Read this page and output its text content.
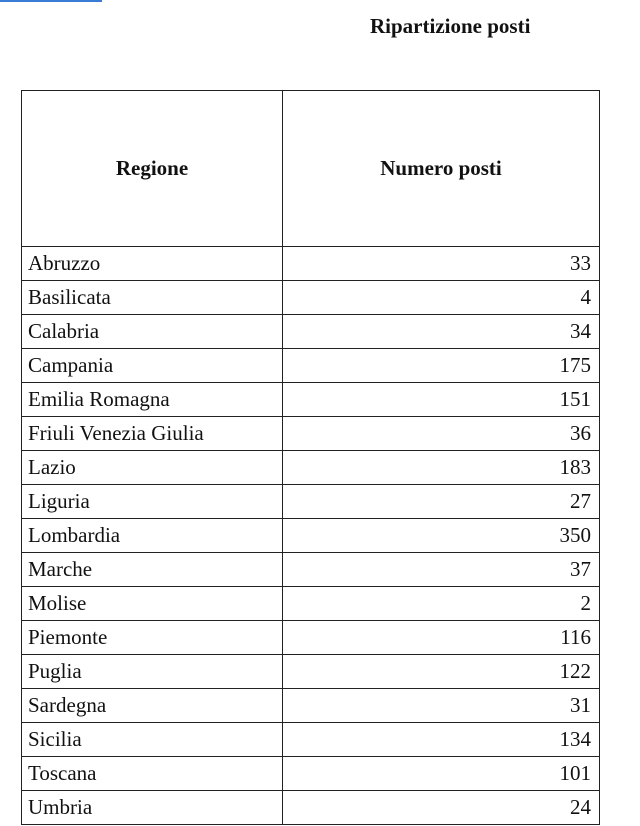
Ripartizione posti
Regione	Numero posti
Abruzzo	33
Basilicata	4
Calabria	34
Campania	175
Emilia Romagna	151
Friuli Venezia Giulia	36
Lazio	183
Liguria	27
Lombardia	350
Marche	37
Molise	2
Piemonte	116
Puglia	122
Sardegna	31
Sicilia	134
Toscana	101
Umbria	24
